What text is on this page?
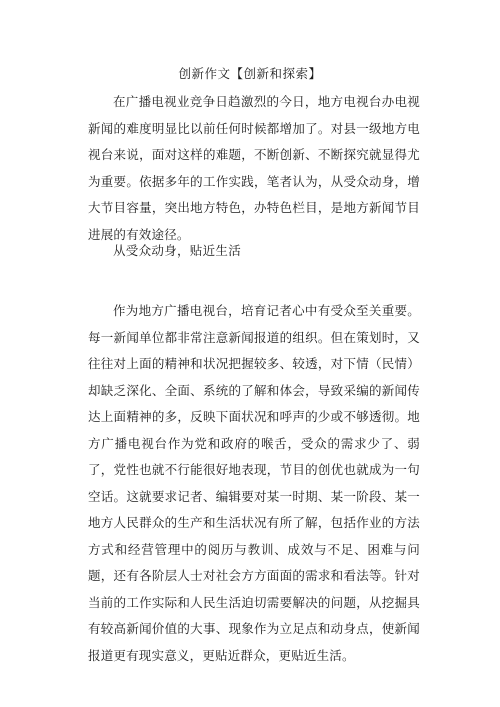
创新作文【创新和探索】

在广播电视业竞争日趋激烈的今日，地方电视台办电视新闻的难度明显比以前任何时候都增加了。对县一级地方电视台来说，面对这样的难题，不断创新、不断探究就显得尤为重要。依据多年的工作实践，笔者认为，从受众动身，增大节目容量，突出地方特色，办特色栏目，是地方新闻节目进展的有效途径。

从受众动身，贴近生活

作为地方广播电视台，培育记者心中有受众至关重要。每一新闻单位都非常注意新闻报道的组织。但在策划时，又往往对上面的精神和状况把握较多、较透，对下情（民情）却缺乏深化、全面、系统的了解和体会，导致采编的新闻传达上面精神的多，反映下面状况和呼声的少或不够透彻。地方广播电视台作为党和政府的喉舌，受众的需求少了、弱了，党性也就不行能很好地表现，节目的创优也就成为一句空话。这就要求记者、编辑要对某一时期、某一阶段、某一地方人民群众的生产和生活状况有所了解，包括作业的方法方式和经营管理中的阅历与教训、成效与不足、困难与问题，还有各阶层人士对社会方方面面的需求和看法等。针对当前的工作实际和人民生活迫切需要解决的问题，从挖掘具有较高新闻价值的大事、现象作为立足点和动身点，使新闻报道更有现实意义，更贴近群众，更贴近生活。
